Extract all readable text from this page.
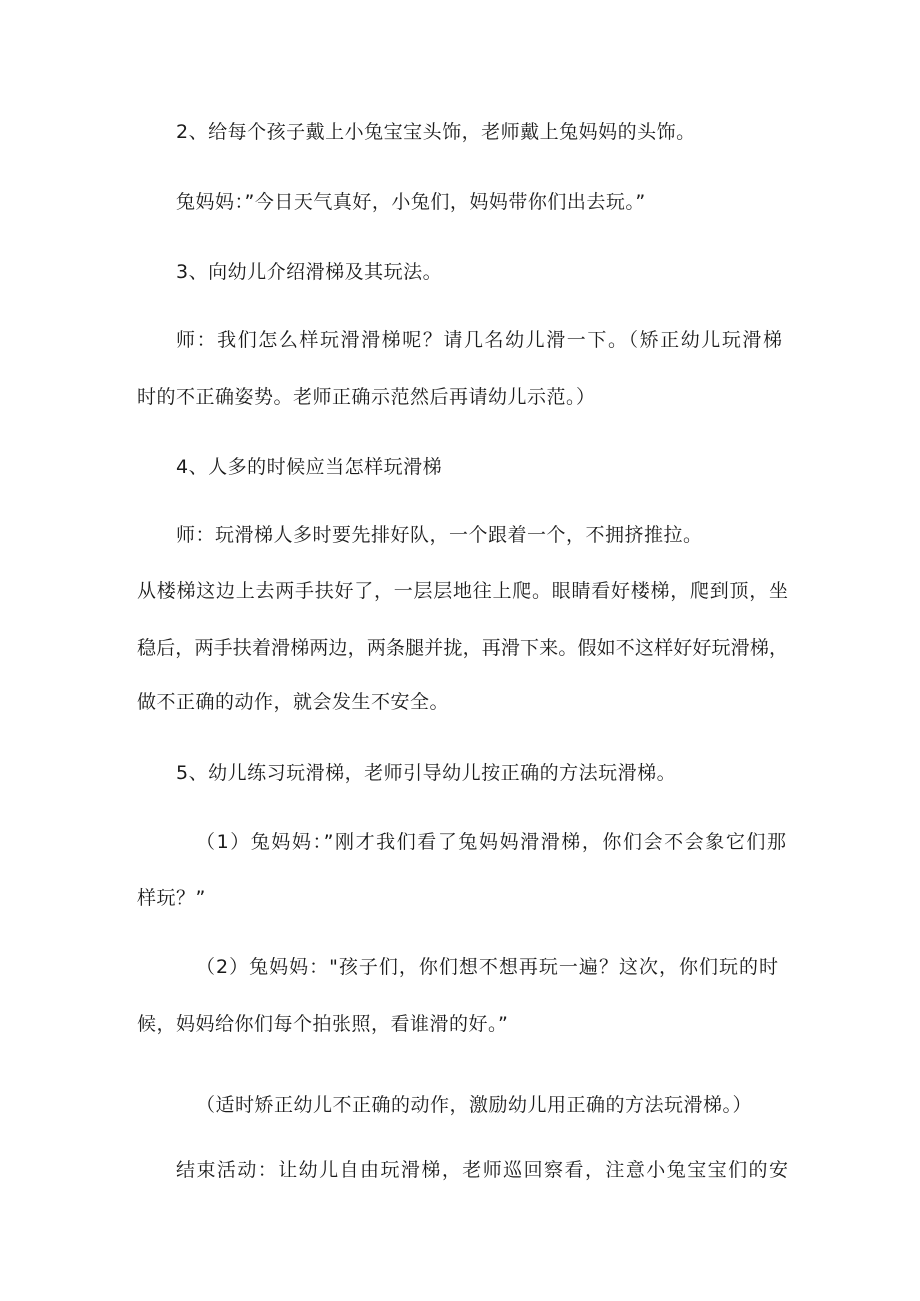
2、给每个孩子戴上小兔宝宝头饰，老师戴上兔妈妈的头饰。

兔妈妈：”今日天气真好，小兔们，妈妈带你们出去玩。”

3、向幼儿介绍滑梯及其玩法。

师：我们怎么样玩滑滑梯呢？请几名幼儿滑一下。（矫正幼儿玩滑梯

时的不正确姿势。老师正确示范然后再请幼儿示范。）

4、人多的时候应当怎样玩滑梯

师：玩滑梯人多时要先排好队，一个跟着一个，不拥挤推拉。

从楼梯这边上去两手扶好了，一层层地往上爬。眼睛看好楼梯，爬到顶，坐

稳后，两手扶着滑梯两边，两条腿并拢，再滑下来。假如不这样好好玩滑梯，

做不正确的动作，就会发生不安全。

5、幼儿练习玩滑梯，老师引导幼儿按正确的方法玩滑梯。

（1）兔妈妈：”刚才我们看了兔妈妈滑滑梯，你们会不会象它们那

样玩？”

（2）兔妈妈："孩子们，你们想不想再玩一遍？这次，你们玩的时

候，妈妈给你们每个拍张照，看谁滑的好。”

（适时矫正幼儿不正确的动作，激励幼儿用正确的方法玩滑梯。）

结束活动：让幼儿自由玩滑梯，老师巡回察看，注意小兔宝宝们的安
